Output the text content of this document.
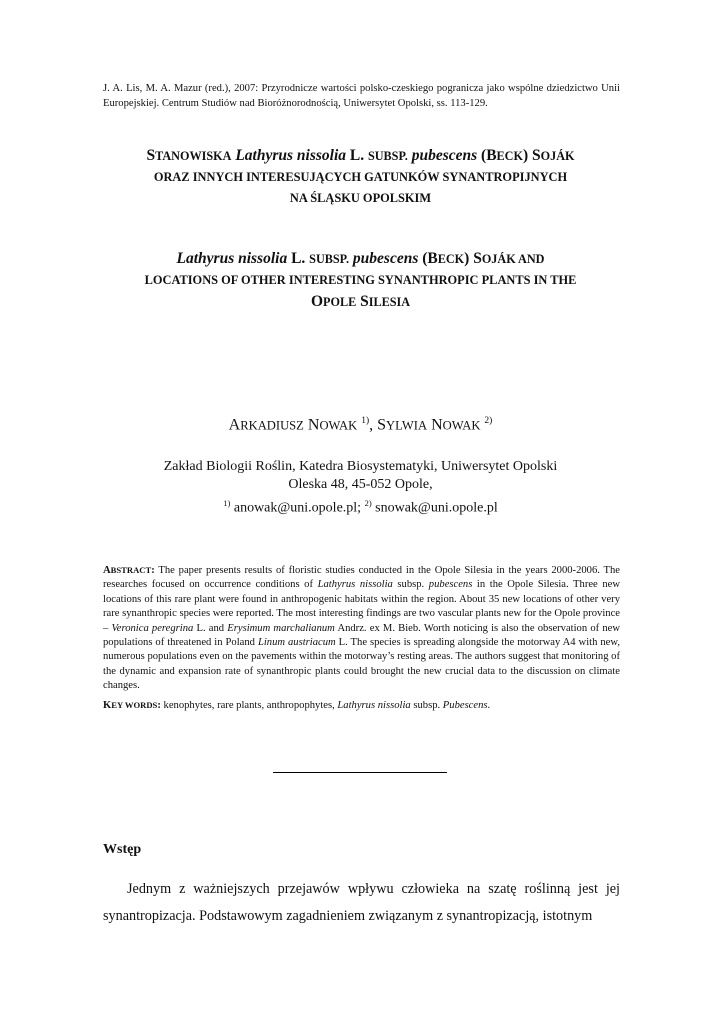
J. A. Lis, M. A. Mazur (red.), 2007: Przyrodnicze wartości polsko-czeskiego pogranicza jako wspólne dziedzictwo Unii Europejskiej. Centrum Studiów nad Bioróżnorodnością, Uniwersytet Opolski, ss. 113-129.
STANOWISKA Lathyrus nissolia L. SUBSP. pubescens (BECK) SOJÁK
ORAZ INNYCH INTERESUJĄCYCH GATUNKÓW SYNANTROPIJNYCH
NA ŚLĄSKU OPOLSKIM
Lathyrus nissolia L. SUBSP. pubescens (BECK) SOJÁK AND
LOCATIONS OF OTHER INTERESTING SYNANTHROPIC PLANTS IN THE
OPOLE SILESIA
ARKADIUSZ NOWAK $^{1)}$, SYLWIA NOWAK $^{2)}$
Zakład Biologii Roślin, Katedra Biosystematyki, Uniwersytet Opolski
Oleska 48, 45-052 Opole,
$^{1)}$ anowak@uni.opole.pl; $^{2)}$ snowak@uni.opole.pl
ABSTRACT: The paper presents results of floristic studies conducted in the Opole Silesia in the years 2000-2006. The researches focused on occurrence conditions of Lathyrus nissolia subsp. pubescens in the Opole Silesia. Three new locations of this rare plant were found in anthropogenic habitats within the region. About 35 new locations of other very rare synanthropic species were reported. The most interesting findings are two vascular plants new for the Opole province – Veronica peregrina L. and Erysimum marchalianum Andrz. ex M. Bieb. Worth noticing is also the observation of new populations of threatened in Poland Linum austriacum L. The species is spreading alongside the motorway A4 with new, numerous populations even on the pavements within the motorway’s resting areas. The authors suggest that monitoring of the dynamic and expansion rate of synanthropic plants could brought the new crucial data to the discussion on climate changes.
KEY WORDS: kenophytes, rare plants, anthropophytes, Lathyrus nissolia subsp. Pubescens.
Wstęp
Jednym z ważniejszych przejawów wpływu człowieka na szatę roślinną jest jej synantropizacja. Podstawowym zagadnieniem związanym z synantropizacją, istotnym
